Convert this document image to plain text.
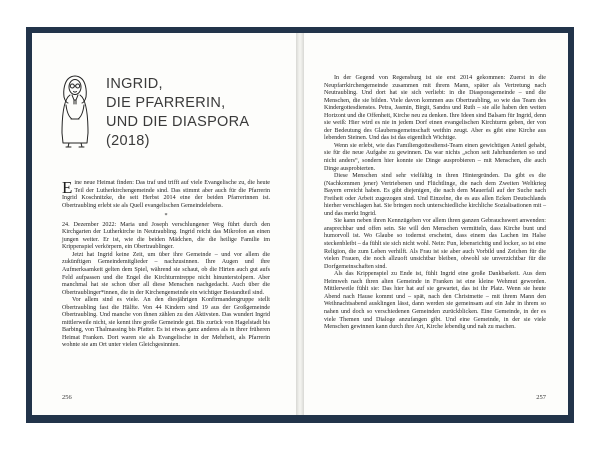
INGRID,
DIE PFARRERIN,
UND DIE DIASPORA
(2018)

Eine neue Heimat finden: Das traf und trifft auf viele Evangelische zu, die heute Teil der Lutherkirchengemeinde sind. Das stimmt aber auch für die Pfarrerin Ingrid Koschnitzke, die seit Herbst 2014 eine der beiden Pfarrerinnen ist. Obertraubling erlebt sie als Quell evangelischen Gemeindelebens.

*

24. Dezember 2022: Maria und Joseph verschlungener Weg führt durch den Kirchgarten der Lutherkirche in Neutraubling. Ingrid reicht das Mikrofon an einen jungen weiter. Er ist, wie die beiden Mädchen, die die heilige Familie im Krippenspiel verkörpern, ein Obertraublinger.

Jetzt hat Ingrid keine Zeit, um über ihre Gemeinde – und vor allem die zukünftigen Gemeindemitglieder – nachzusinnen. Ihre Augen und ihre Aufmerksamkeit gelten dem Spiel, während sie schaut, ob die Hirten auch gut aufs Feld aufpassen und die Engel die Kirchturmtreppe nicht hinunterstolpern. Aber manchmal hat sie schon über all diese Menschen nachgedacht. Auch über die Obertraublinger*innen, die in der Kirchengemeinde ein wichtiger Bestandteil sind.

Vor allem sind es viele. An den diesjährigen Konfirmandengruppe stellt Obertraubling fast die Hälfte. Von 44 Kindern sind 19 aus der Großgemeinde Obertraubling. Und manche von ihnen zählen zu den Aktivsten. Das wundert Ingrid mittlerweile nicht, sie kennt ihre große Gemeinde gut. Bis zurück von Hagelstadt bis Barbing, von Thalmassing bis Pfatter. Es ist etwas ganz anderes als in ihrer früheren Heimat Franken. Dort waren sie als Evangelische in der Mehrheit, als Pfarrerin wohnte sie am Ort unter vielen Gleichgesinnten.

256

In der Gegend von Regensburg ist sie erst 2014 gekommen: Zuerst in die Neupfarrkirchengemeinde zusammen mit ihrem Mann, später als Vertretung nach Neutraubling. Und dort hat sie sich verliebt: in die Diasporagemeinde – und die Menschen, die sie bilden. Viele davon kommen aus Obertraubling, so wie das Team des Kindergottesdienstes. Petra, Jasmin, Birgit, Sandra und Ruth – sie alle haben den weiten Horizont und die Offenheit, Kirche neu zu denken. Ihre Ideen sind Balsam für Ingrid, denn sie weiß: Hier wird es nie in jedem Dorf einen evangelischen Kirchturm geben, der von der Bedeutung des Glaubensgemeinschaft weithin zeugt. Aber es gibt eine Kirche aus lebenden Steinen. Und das ist das eigentlich Wichtige.

Wenn sie erlebt, wie das Familiengottesdienst-Team einen gewichtigen Anteil gehabt, sie für die neue Aufgabe zu gewinnen. Da war nichts „schon seit Jahrhunderten so und nicht anders“, sondern hier konnte sie Dinge ausprobieren – mit Menschen, die auch Dinge ausprobierten.

Diese Menschen sind sehr vielfältig in ihren Hintergründen. Da gibt es die (Nachkommen jener) Vertriebenen und Flüchtlinge, die nach dem Zweiten Weltkrieg Bayern erreicht haben. Es gibt diejenigen, die nach dem Mauerfall auf der Suche nach Freiheit oder Arbeit zugezogen sind. Und Einzelne, die es aus allen Ecken Deutschlands hierher verschlagen hat. Sie bringen noch unterschiedliche kirchliche Sozialisationen mit – und das merkt Ingrid.

Sie kann neben ihren Kennzügeben vor allem ihren ganzen Gebrauchswert anwenden: ansprechbar und offen sein. Sie will den Menschen vermitteln, dass Kirche bunt und humorvoll ist. Wo Glaube so todernst erscheint, dass einem das Lachen im Halse steckenbleibt – da fühlt sie sich nicht wohl. Nein: Fun, lebensrichtig und locker, so ist eine Religion, die zum Leben verhilft. Als Frau ist sie aber auch Vorbild und Zeichen für die vielen Frauen, die noch allzuoft unsichtbar bleiben, obwohl sie unverzichtbar für die Dorfgemeinschaften sind.

Als das Krippenspiel zu Ende ist, fühlt Ingrid eine große Dankbarkeit. Aus dem Heimweh nach ihren alten Gemeinde in Franken ist eine kleine Wehmut geworden. Mittlerweile fühlt sie: Das hier hat auf sie gewartet, das ist ihr Platz. Wenn sie heute Abend nach Hause kommt und – spät, nach den Christmette – mit ihrem Mann den Weihnachtsabend ausklingen lässt, dann werden sie gemeinsam auf ein Jahr in ihrem so nahen und doch so verschiedenen Gemeinden zurückblicken. Eine Gemeinde, in der es viele Themen und Dialoge anzufangen gibt. Und eine Gemeinde, in der sie viele Menschen gewinnen kann durch ihre Art, Kirche lebendig und nah zu machen.

257
